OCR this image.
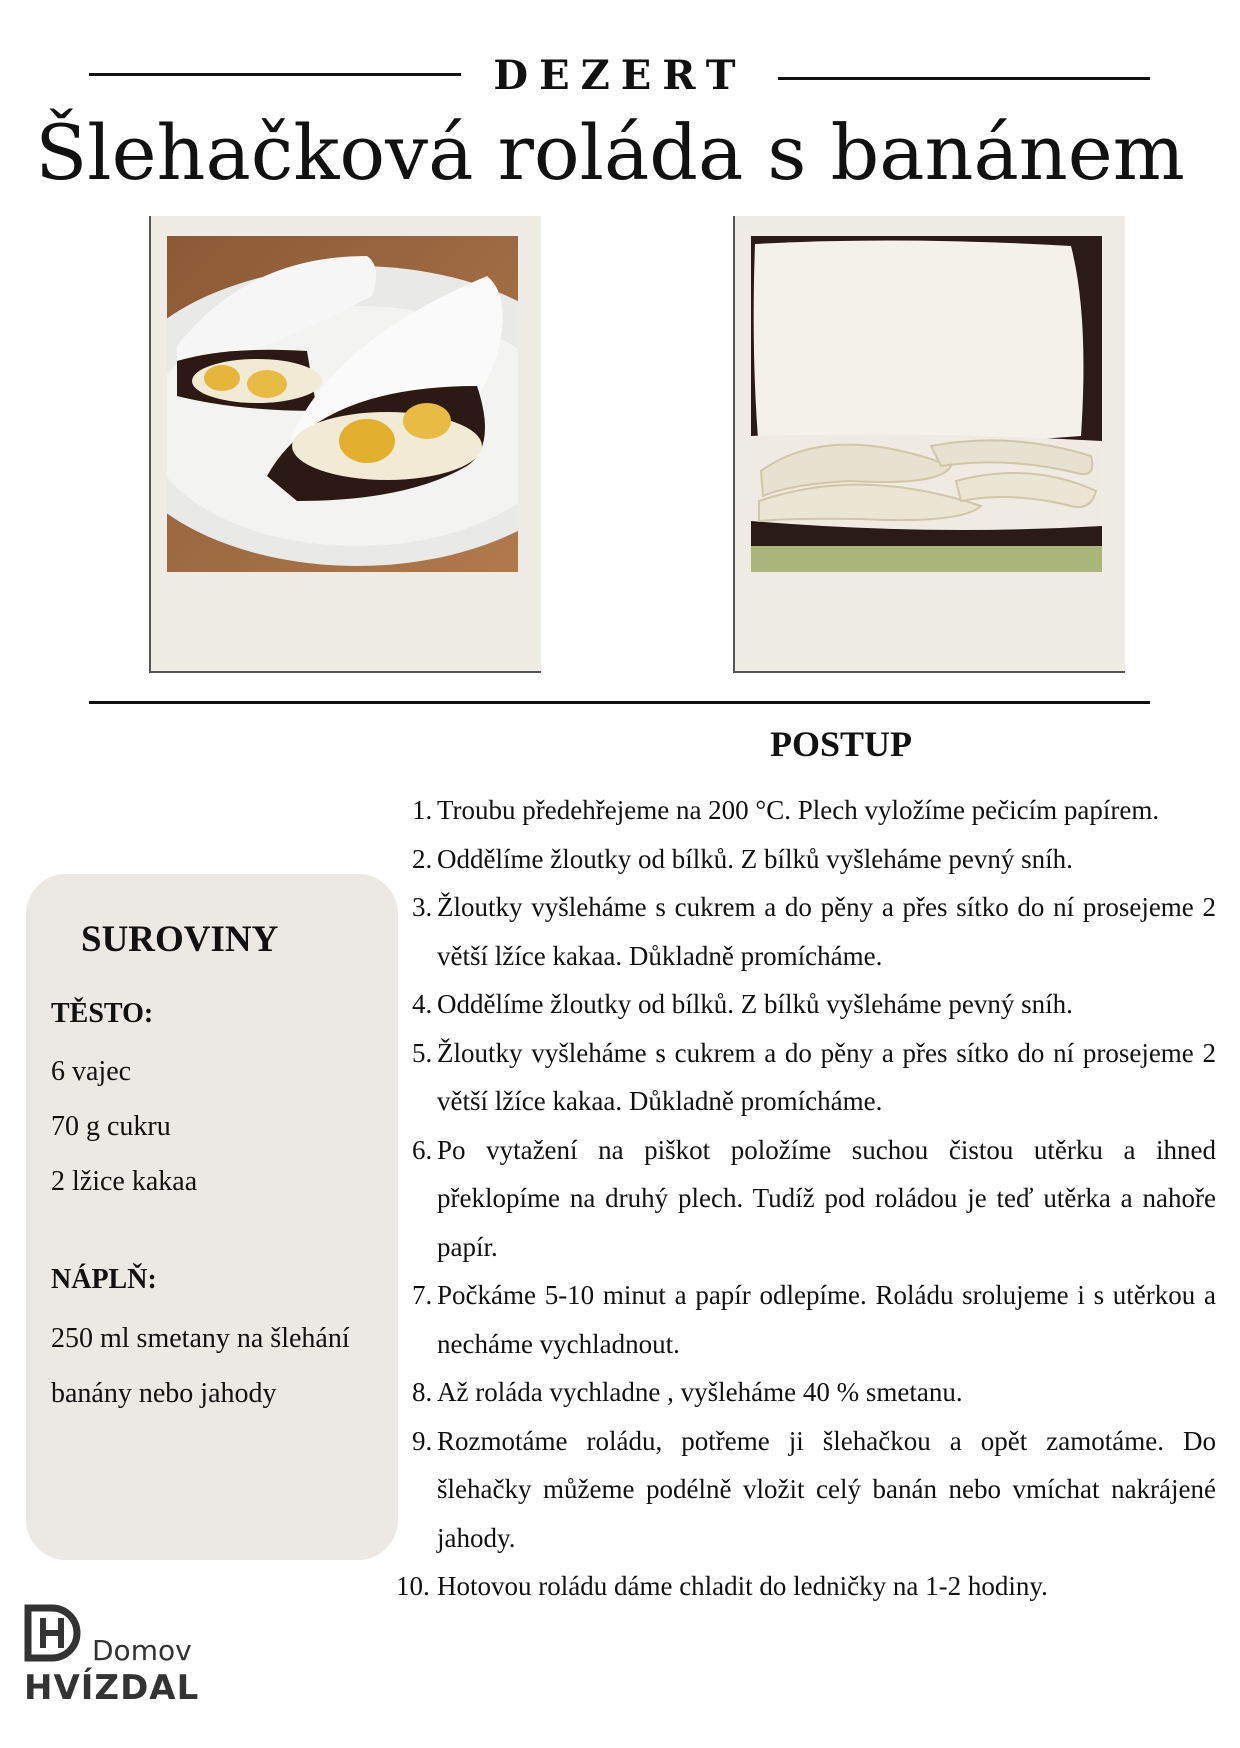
DEZERT
Šlehačková roláda s banánem
POSTUP
1. Troubu předehřejeme na 200 °C. Plech vyložíme pečicím papírem.
2. Oddělíme žloutky od bílků. Z bílků vyšleháme pevný sníh.
3. Žloutky vyšleháme s cukrem a do pěny a přes sítko do ní prosejeme 2 větší lžíce kakaa. Důkladně promícháme.
4. Oddělíme žloutky od bílků. Z bílků vyšleháme pevný sníh.
5. Žloutky vyšleháme s cukrem a do pěny a přes sítko do ní prosejeme 2 větší lžíce kakaa. Důkladně promícháme.
6. Po vytažení na piškot položíme suchou čistou utěrku a ihned překlopíme na druhý plech. Tudíž pod roládou je teď utěrka a nahoře papír.
7. Počkáme 5-10 minut a papír odlepíme. Roládu srolujeme i s utěrkou a necháme vychladnout.
8. Až roláda vychladne , vyšleháme 40 % smetanu.
9. Rozmotáme roládu, potřeme ji šlehačkou a opět zamotáme. Do šlehačky můžeme podélně vložit celý banán nebo vmíchat nakrájené jahody.
10. Hotovou roládu dáme chladit do ledničky na 1-2 hodiny.
SUROVINY
TĚSTO:
6 vajec
70 g cukru
2 lžice kakaa
NÁPLŇ:
250 ml smetany na šlehání
banány nebo jahody
Domov
HVÍZDAL
